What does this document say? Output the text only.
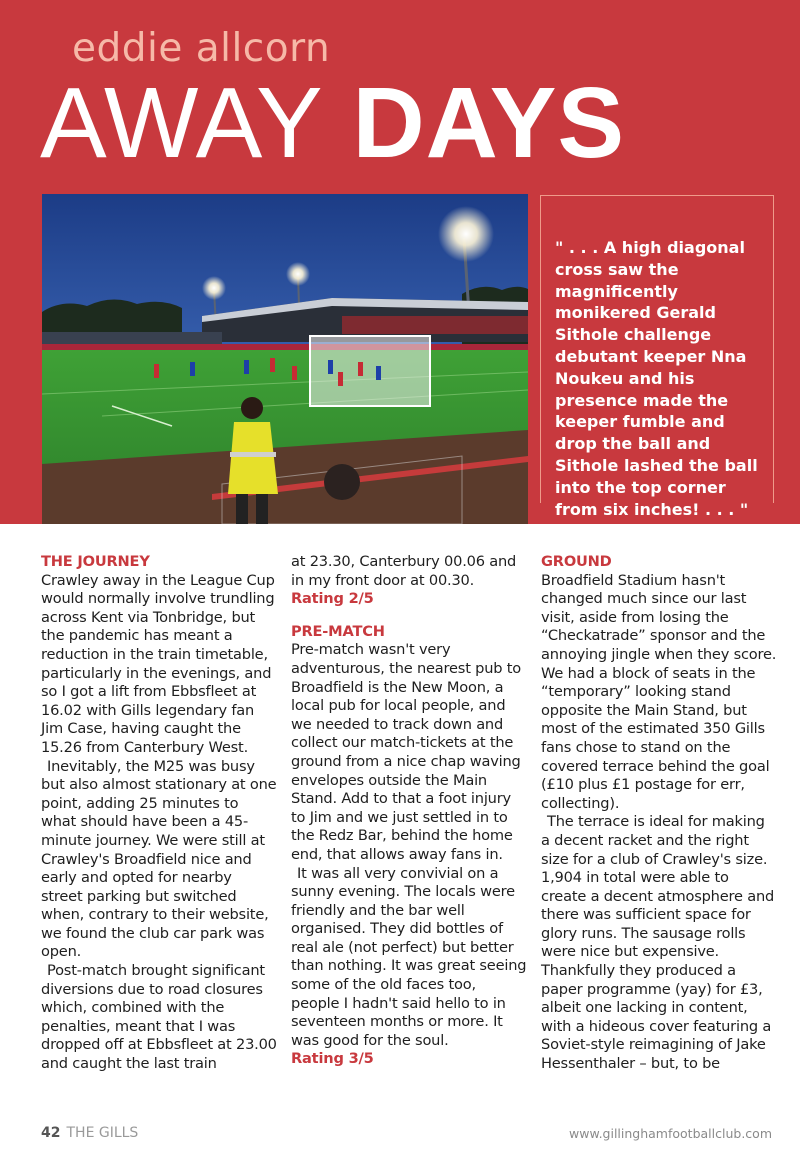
eddie allcorn
AWAY DAYS
" . . . A high diagonal cross saw the magnificently monikered Gerald Sithole challenge debutant keeper Nna Noukeu and his presence made the keeper fumble and drop the ball and Sithole lashed the ball into the top corner from six inches! . . . "

THE JOURNEY

Crawley away in the League Cup would normally involve trundling across Kent via Tonbridge, but the pandemic has meant a reduction in the train timetable, particularly in the evenings, and so I got a lift from Ebbsfleet at 16.02 with Gills legendary fan Jim Case, having caught the 15.26 from Canterbury West.

Inevitably, the M25 was busy but also almost stationary at one point, adding 25 minutes to what should have been a 45-minute journey. We were still at Crawley's Broadfield nice and early and opted for nearby street parking but switched when, contrary to their website, we found the club car park was open.

Post-match brought significant diversions due to road closures which, combined with the penalties, meant that I was dropped off at Ebbsfleet at 23.00 and caught the last train

GROUND

Broadfield Stadium hasn't changed much since our last visit, aside from losing the “Checkatrade” sponsor and the annoying jingle when they score. We had a block of seats in the “temporary” looking stand opposite the Main Stand, but most of the estimated 350 Gills fans chose to stand on the covered terrace behind the goal (£10 plus £1 postage for err, collecting).

The terrace is ideal for making a decent racket and the right size for a club of Crawley's size. 1,904 in total were able to create a decent atmosphere and there was sufficient space for glory runs. The sausage rolls were nice but expensive. Thankfully they produced a paper programme (yay) for £3, albeit one lacking in content, with a hideous cover featuring a Soviet-style reimagining of Jake Hessenthaler – but, to be

at 23.30, Canterbury 00.06 and in my front door at 00.30.

Rating 2/5

PRE-MATCH

Pre-match wasn't very adventurous, the nearest pub to Broadfield is the New Moon, a local pub for local people, and we needed to track down and collect our match-tickets at the ground from a nice chap waving envelopes outside the Main Stand. Add to that a foot injury to Jim and we just settled in to the Redz Bar, behind the home end, that allows away fans in.

It was all very convivial on a sunny evening. The locals were friendly and the bar well organised. They did bottles of real ale (not perfect) but better than nothing. It was great seeing some of the old faces too, people I hadn't said hello to in seventeen months or more. It was good for the soul.

Rating 3/5

42 THE GILLS	www.gillinghamfootballclub.com
